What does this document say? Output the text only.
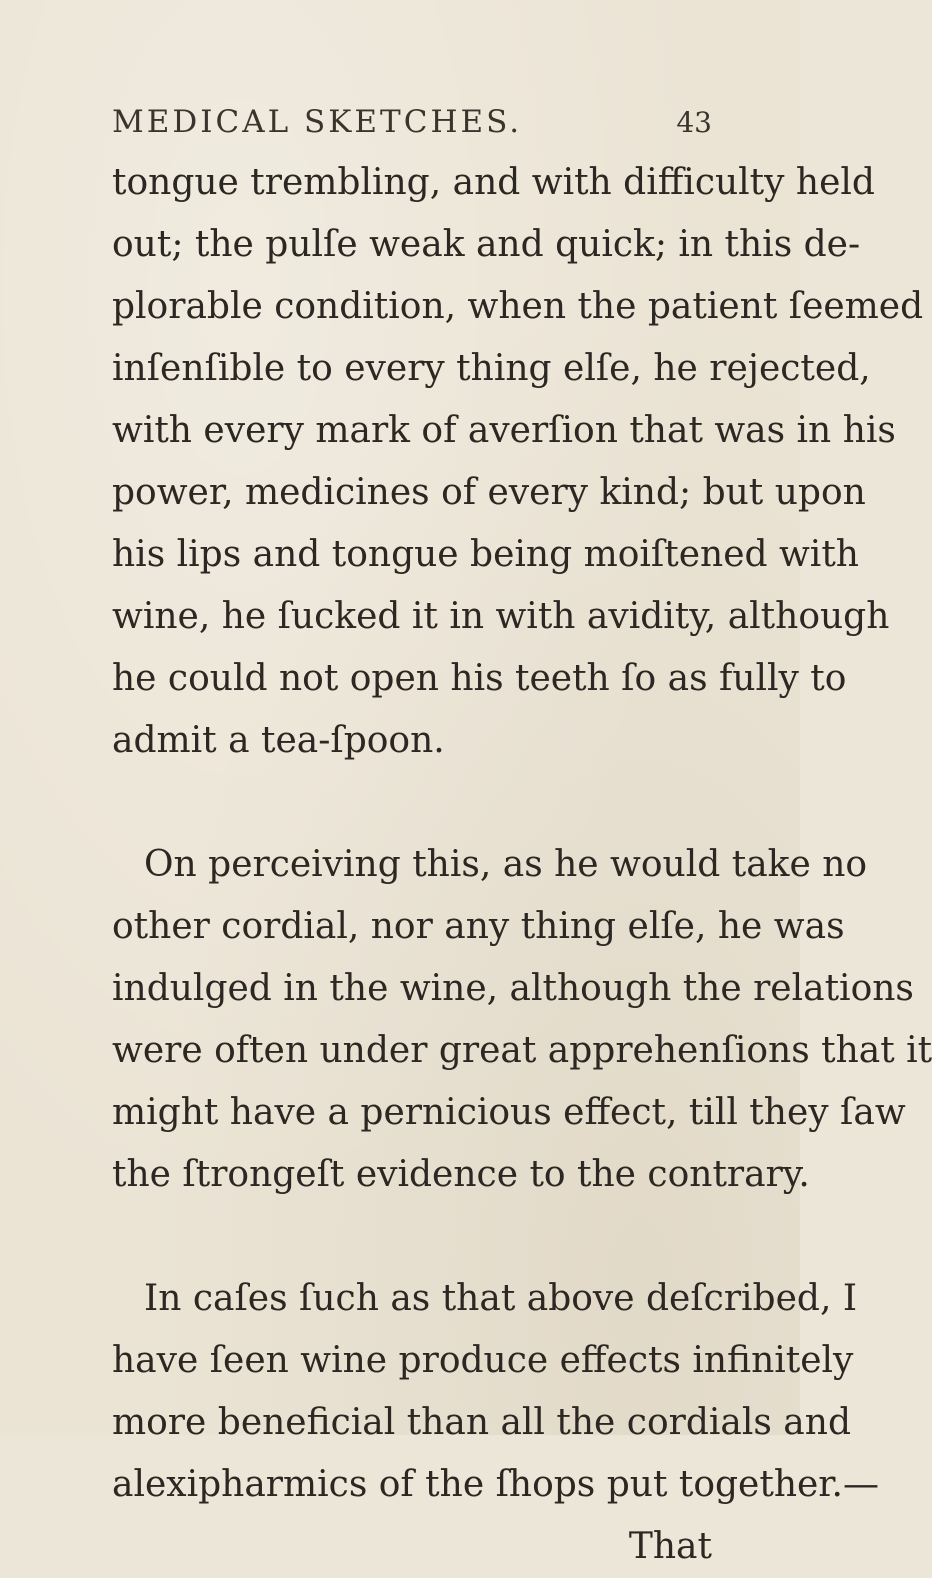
MEDICAL SKETCHES.	43

tongue trembling, and with difficulty held
out; the pulſe weak and quick; in this de-
plorable condition, when the patient ſeemed
inſenſible to every thing elſe, he rejected,
with every mark of averſion that was in his
power, medicines of every kind; but upon
his lips and tongue being moiſtened with
wine, he ſucked it in with avidity, although
he could not open his teeth ſo as fully to
admit a tea-ſpoon.

On perceiving this, as he would take no
other cordial, nor any thing elſe, he was
indulged in the wine, although the relations
were often under great apprehenſions that it
might have a pernicious effect, till they ſaw
the ſtrongeſt evidence to the contrary.

In caſes ſuch as that above deſcribed, I
have ſeen wine produce effects infinitely
more beneficial than all the cordials and
alexipharmics of the ſhops put together.—
That
